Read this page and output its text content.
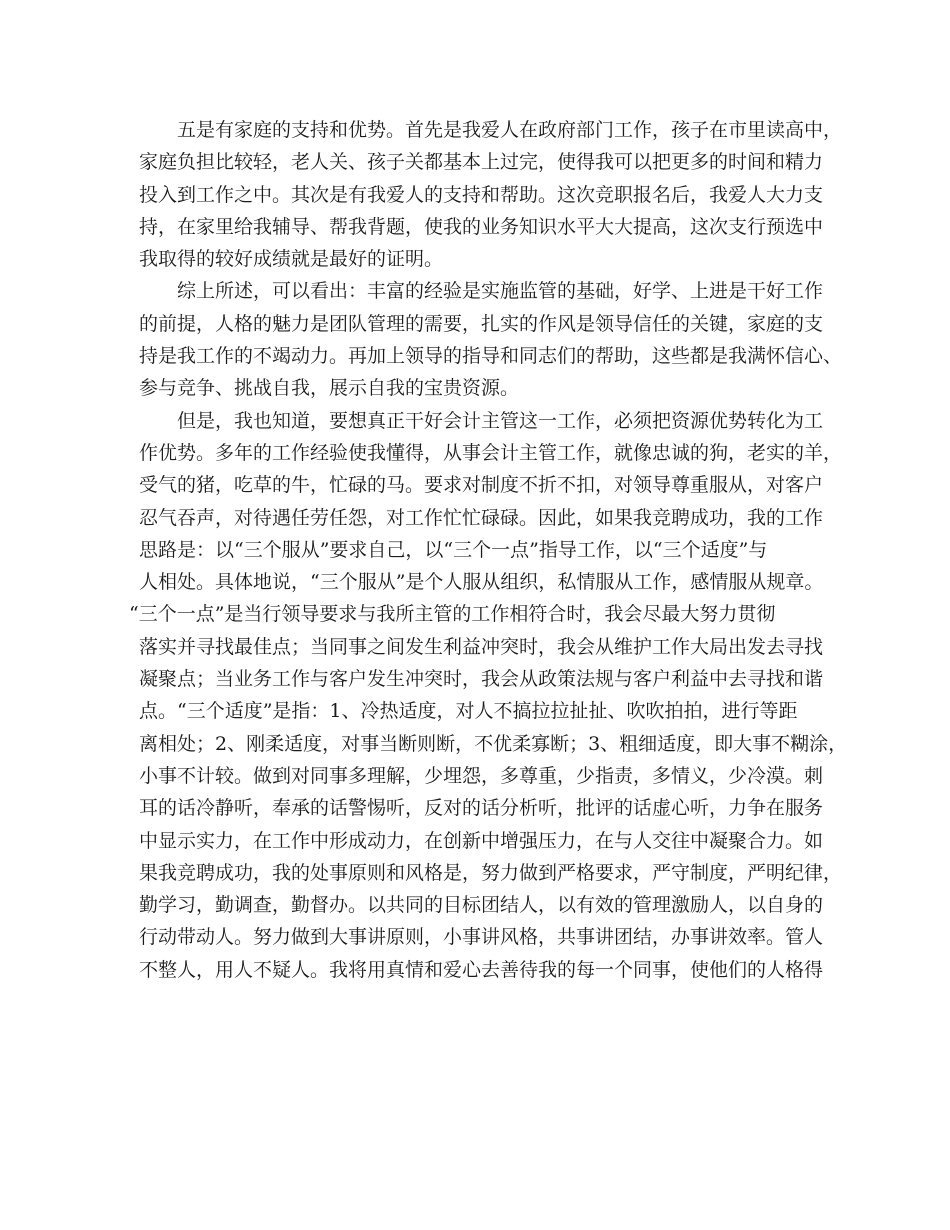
五是有家庭的支持和优势。首先是我爱人在政府部门工作，孩子在市里读高中，
家庭负担比较轻，老人关、孩子关都基本上过完，使得我可以把更多的时间和精力
投入到工作之中。其次是有我爱人的支持和帮助。这次竞职报名后，我爱人大力支
持，在家里给我辅导、帮我背题，使我的业务知识水平大大提高，这次支行预选中
我取得的较好成绩就是最好的证明。

综上所述，可以看出：丰富的经验是实施监管的基础，好学、上进是干好工作
的前提，人格的魅力是团队管理的需要，扎实的作风是领导信任的关键，家庭的支
持是我工作的不竭动力。再加上领导的指导和同志们的帮助，这些都是我满怀信心、
参与竞争、挑战自我，展示自我的宝贵资源。

但是，我也知道，要想真正干好会计主管这一工作，必须把资源优势转化为工
作优势。多年的工作经验使我懂得，从事会计主管工作，就像忠诚的狗，老实的羊，
受气的猪，吃草的牛，忙碌的马。要求对制度不折不扣，对领导尊重服从，对客户
忍气吞声，对待遇任劳任怨，对工作忙忙碌碌。因此，如果我竞聘成功，我的工作
思路是：以“三个服从”要求自己，以“三个一点”指导工作，以“三个适度”与
人相处。具体地说，“三个服从”是个人服从组织，私情服从工作，感情服从规章。
“三个一点”是当行领导要求与我所主管的工作相符合时，我会尽最大努力贯彻
落实并寻找最佳点；当同事之间发生利益冲突时，我会从维护工作大局出发去寻找
凝聚点；当业务工作与客户发生冲突时，我会从政策法规与客户利益中去寻找和谐
点。“三个适度”是指：1、冷热适度，对人不搞拉拉扯扯、吹吹拍拍，进行等距
离相处；2、刚柔适度，对事当断则断，不优柔寡断；3、粗细适度，即大事不糊涂，
小事不计较。做到对同事多理解，少埋怨，多尊重，少指责，多情义，少冷漠。刺
耳的话冷静听，奉承的话警惕听，反对的话分析听，批评的话虚心听，力争在服务
中显示实力，在工作中形成动力，在创新中增强压力，在与人交往中凝聚合力。如
果我竞聘成功，我的处事原则和风格是，努力做到严格要求，严守制度，严明纪律，
勤学习，勤调查，勤督办。以共同的目标团结人，以有效的管理激励人，以自身的
行动带动人。努力做到大事讲原则，小事讲风格，共事讲团结，办事讲效率。管人
不整人，用人不疑人。我将用真情和爱心去善待我的每一个同事，使他们的人格得
